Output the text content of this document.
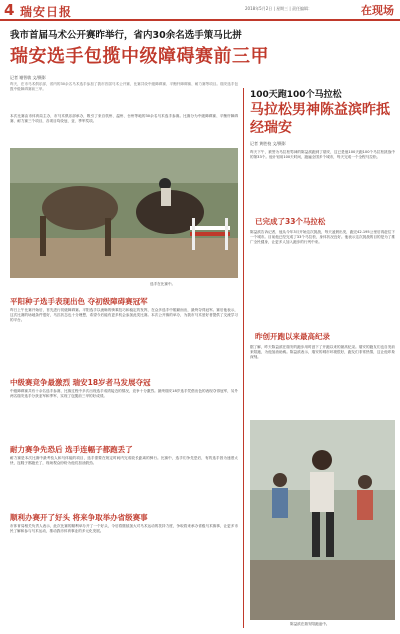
4 瑞安日报	2018年5月2日 | 星期三 | 责任编辑：	在现场
我市首届马术公开赛昨举行，省内30余名选手策马比拼
瑞安选手包揽中级障碍赛前三甲
记者 谢智敏 文/摄影
昨天，在市马术俱乐部，省内的30余名马术选手参加了我市首届马术公开赛，比赛共设中级障碍赛、平衡杆障碍赛、耐力赛等项目。瑞安选手包揽中级障碍赛前三甲。
本次比赛由市体育局主办，市马术俱乐部承办，吸引了来自杭州、温州、台州等地的30余名马术选手参赛。比赛分为中级障碍赛、平衡杆障碍赛、耐力赛三个项目，各项目均设冠、亚、季军奖项。
选手在比赛中。
平阳种子选手表现出色 夺初级障碍赛冠军
昨日上午比赛开始后，首先进行初级障碍赛。平阳选手以流畅的骑乘技巧和稳定的发挥，在众多选手中脱颖而出，最终夺得冠军。赛后他表示，这次比赛的场地条件很好，马匹状态也十分理想，希望今后能有更多机会参加此类比赛。本次公开赛的举办，为我市马术爱好者提供了交流学习的平台。
中级赛竞争最激烈 瑞安18岁者马发展夺冠
中级障碍赛共有十余名选手参赛，比赛过程中多次出现选手成绩接近的情况，竞争十分激烈。最终瑞安18岁选手凭借出色的表现夺得冠军，另外两名瑞安选手分获亚军和季军，实现了包揽前三甲的好成绩。
耐力赛争先恐后 选手连幅子都跑丢了
耐力赛是本次比赛中最考验人和马体能的项目，选手需要在规定时间内完成较长距离的骑行。比赛中，选手们争先恐后，有的选手因为速度太快，连鞋子都跑丢了，现场观众纷纷为他们加油鼓劲。
顺利办赛开了好头 将来争取举办省级赛事
市体育局相关负责人表示，此次比赛的顺利举办开了一个好头，今后将继续加大对马术运动的扶持力度，争取将来承办省级马术赛事，让更多市民了解和参与马术运动，推动我市体育事业的多元化发展。
100天跑100个马拉松
马拉松男神陈益滨昨抵经瑞安
记者 黄胜校 文/摄影
昨天下午，被誉为马拉松男神的陈益滨跑到了瑞安，这已是他100天跑100个马拉松挑战中的第33个。他计划用100天时间，跑遍全国多个城市，每天完成一个全程马拉松。
已完成了33个马拉松
陈益滨告诉记者，他从今年3月开始这次挑战，每天凌晨出发，跑完42.195公里后再赶往下一个城市。目前他已经完成了33个马拉松，身体状况良好。他表示这次挑战的目的是为了推广全民健身，让更多人加入跑步的行列中来。
昨创开跑以来最高纪录
据了解，昨天陈益滨在瑞安的跑步用时创下了开跑以来的最高纪录。瑞安的跑友们也自发前来陪跑，为他加油助威。陈益滨表示，瑞安的城市环境很好，跑友们非常热情，这让他印象深刻。
陈益滨在瑞安陪跑途中。
